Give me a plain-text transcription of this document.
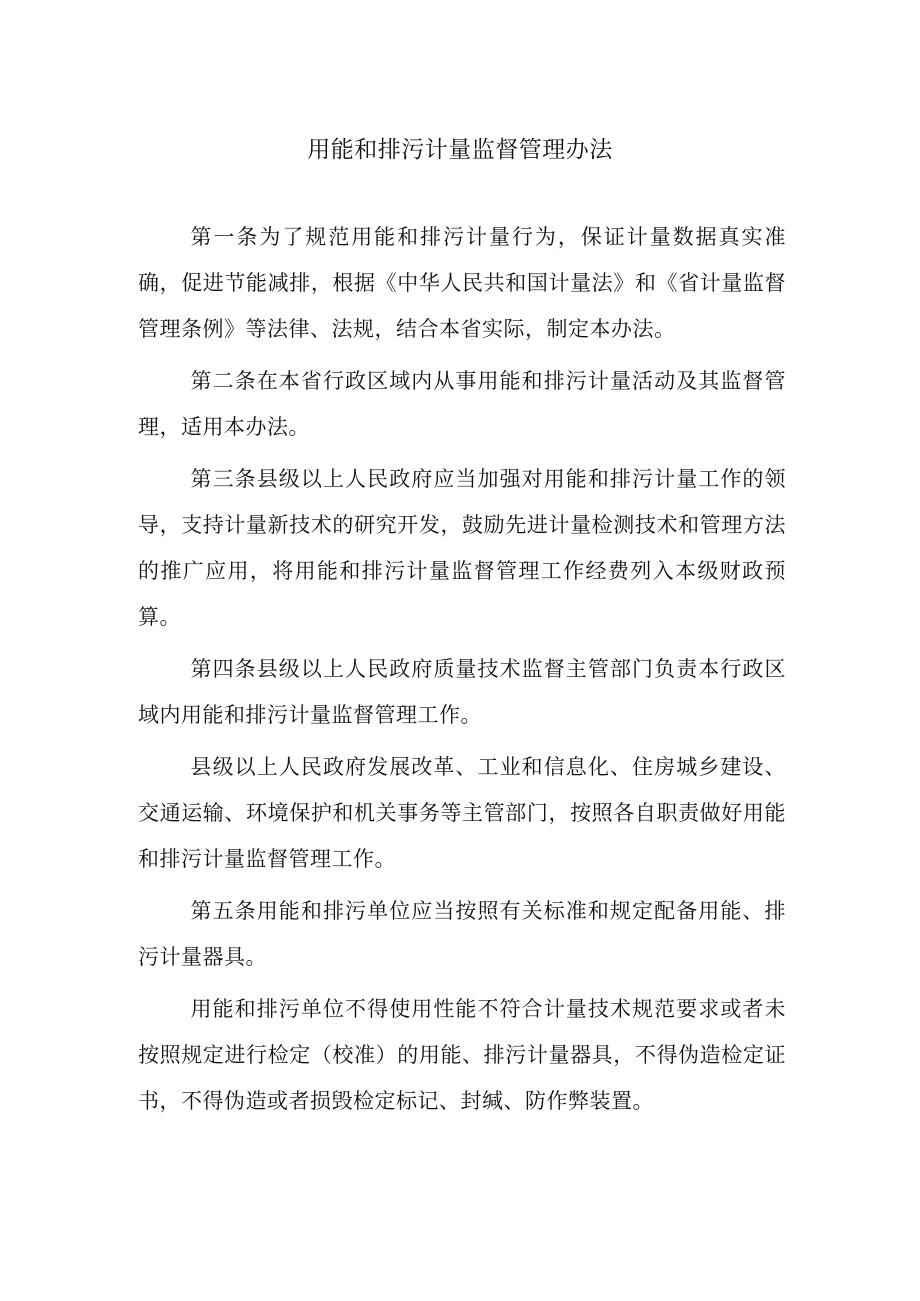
用能和排污计量监督管理办法

第一条为了规范用能和排污计量行为，保证计量数据真实准确，促进节能减排，根据《中华人民共和国计量法》和《省计量监督管理条例》等法律、法规，结合本省实际，制定本办法。

第二条在本省行政区域内从事用能和排污计量活动及其监督管理，适用本办法。

第三条县级以上人民政府应当加强对用能和排污计量工作的领导，支持计量新技术的研究开发，鼓励先进计量检测技术和管理方法的推广应用，将用能和排污计量监督管理工作经费列入本级财政预算。

第四条县级以上人民政府质量技术监督主管部门负责本行政区域内用能和排污计量监督管理工作。

县级以上人民政府发展改革、工业和信息化、住房城乡建设、交通运输、环境保护和机关事务等主管部门，按照各自职责做好用能和排污计量监督管理工作。

第五条用能和排污单位应当按照有关标准和规定配备用能、排污计量器具。

用能和排污单位不得使用性能不符合计量技术规范要求或者未按照规定进行检定（校准）的用能、排污计量器具，不得伪造检定证书，不得伪造或者损毁检定标记、封缄、防作弊装置。
